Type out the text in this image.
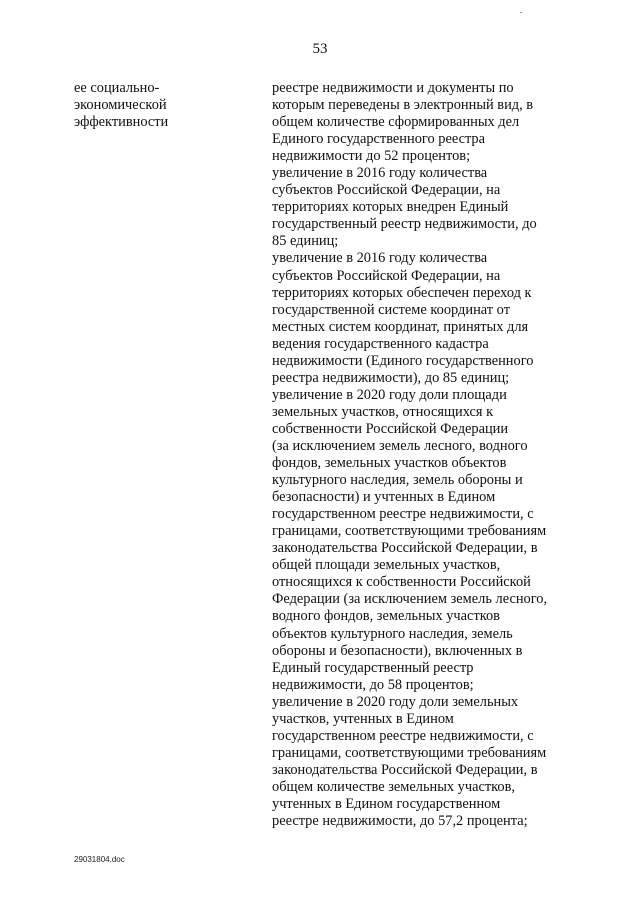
53
ее социально-
экономической
эффективности
реестре недвижимости и документы по
которым переведены в электронный вид, в
общем количестве сформированных дел
Единого государственного реестра
недвижимости до 52 процентов;
увеличение в 2016 году количества
субъектов Российской Федерации, на
территориях которых внедрен Единый
государственный реестр недвижимости, до
85 единиц;
увеличение в 2016 году количества
субъектов Российской Федерации, на
территориях которых обеспечен переход к
государственной системе координат от
местных систем координат, принятых для
ведения государственного кадастра
недвижимости (Единого государственного
реестра недвижимости), до 85 единиц;
увеличение в 2020 году доли площади
земельных участков, относящихся к
собственности Российской Федерации
(за исключением земель лесного, водного
фондов, земельных участков объектов
культурного наследия, земель обороны и
безопасности) и учтенных в Едином
государственном реестре недвижимости, с
границами, соответствующими требованиям
законодательства Российской Федерации, в
общей площади земельных участков,
относящихся к собственности Российской
Федерации (за исключением земель лесного,
водного фондов, земельных участков
объектов культурного наследия, земель
обороны и безопасности), включенных в
Единый государственный реестр
недвижимости, до 58 процентов;
увеличение в 2020 году доли земельных
участков, учтенных в Едином
государственном реестре недвижимости, с
границами, соответствующими требованиям
законодательства Российской Федерации, в
общем количестве земельных участков,
учтенных в Едином государственном
реестре недвижимости, до 57,2 процента;
29031804.doc
